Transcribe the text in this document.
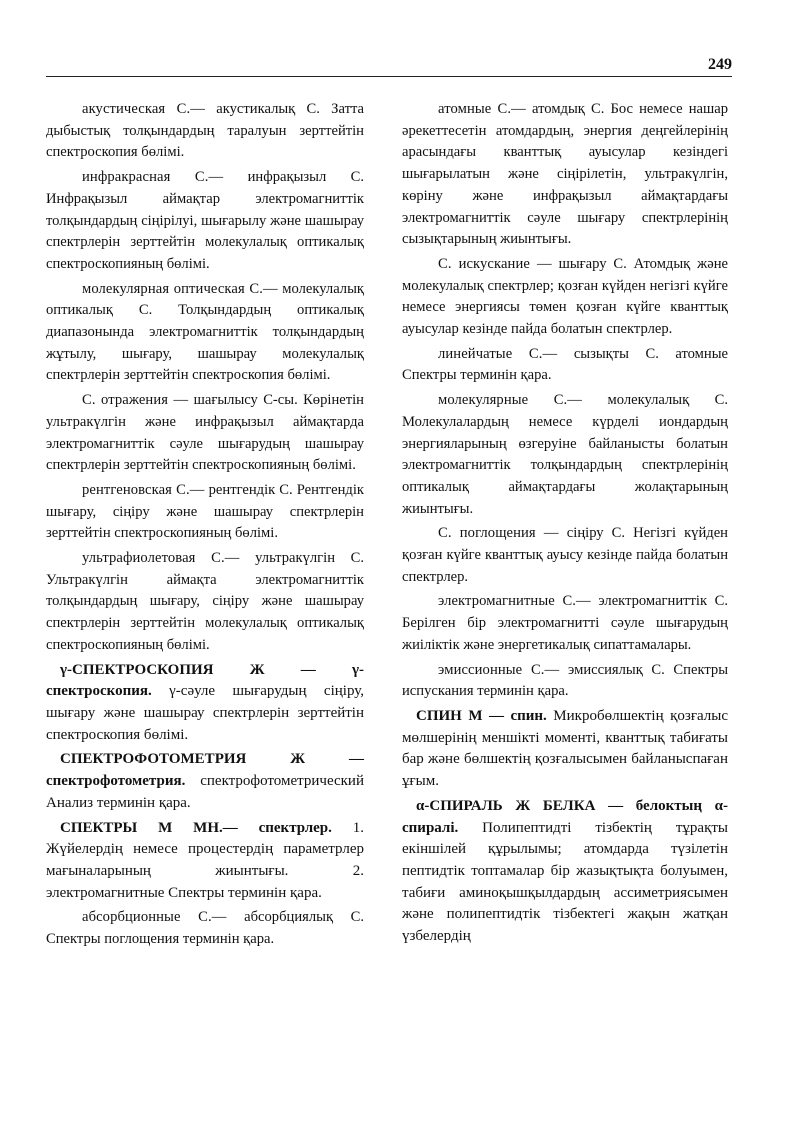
249

акустическая С.— акустикалық С. Затта дыбыстық толқындардың таралуын зерттейтін спектроскопия бөлімі.

инфракрасная С.— инфрақызыл С. Инфрақызыл аймақтар электромагниттік толқындардың сіңірілуі, шығарылу және шашырау спектрлерін зерттейтін молекулалық оптикалық спектроскопияның бөлімі.

молекулярная оптическая С.— молекулалық оптикалық С. Толқындардың оптикалық диапазонында электромагниттік толқындардың жұтылу, шығару, шашырау молекулалық спектрлерін зерттейтін спектроскопия бөлімі.

С. отражения — шағылысу С-сы. Көрінетін ультракүлгін және инфрақызыл аймақтарда электромагниттік сәуле шығарудың шашырау спектрлерін зерттейтін спектроскопияның бөлімі.

рентгеновская С.— рентгендік С. Рентгендік шығару, сіңіру және шашырау спектрлерін зерттейтін спектроскопияның бөлімі.

ультрафиолетовая С.— ультракүлгін С. Ультракүлгін аймақта электромагниттік толқындардың шығару, сіңіру және шашырау спектрлерін зерттейтін молекулалық оптикалық спектроскопияның бөлімі.

γ-СПЕКТРОСКОПИЯ Ж — γ-спектроскопия. γ-сәуле шығарудың сіңіру, шығару және шашырау спектрлерін зерттейтін спектроскопия бөлімі.

СПЕКТРОФОТОМЕТРИЯ Ж — спектрофотометрия. спектрофотометрический Анализ терминін қара.

СПЕКТРЫ М МН.— спектрлер. 1. Жүйелердің немесе процестердің параметрлер мағыналарының жиынтығы. 2. электромагнитные Спектры терминін қара.

абсорбционные С.— абсорбциялық С. Спектры поглощения терминін қара.

атомные С.— атомдық С. Бос немесе нашар әрекеттесетін атомдардың, энергия деңгейлерінің арасындағы кванттық ауысулар кезіндегі шығарылатын және сіңірілетін, ультракүлгін, көріну және инфрақызыл аймақтардағы электромагниттік сәуле шығару спектрлерінің сызықтарының жиынтығы.

С. искускание — шығару С. Атомдық және молекулалық спектрлер; қозған күйден негізгі күйге немесе энергиясы төмен қозған күйге кванттық ауысулар кезінде пайда болатын спектрлер.

линейчатые С.— сызықты С. атомные Спектры терминін қара.

молекулярные С.— молекулалық С. Молекулалардың немесе күрделі иондардың энергияларының өзгеруіне байланысты болатын электромагниттік толқындардың спектрлерінің оптикалық аймақтардағы жолақтарының жиынтығы.

С. поглощения — сіңіру С. Негізгі күйден қозған күйге кванттық ауысу кезінде пайда болатын спектрлер.

электромагнитные С.— электромагниттік С. Берілген бір электромагнитті сәуле шығарудың жиіліктік және энергетикалық сипаттамалары.

эмиссионные С.— эмиссиялық С. Спектры испускания терминін қара.

СПИН М — спин. Микробөлшектің қозғалыс мөлшерінің меншікті моменті, кванттық табиғаты бар және бөлшектің қозғалысымен байланыспаған ұғым.

α-СПИРАЛЬ Ж БЕЛКА — белоктың α-спиралі. Полипептидті тізбектің тұрақты екіншілей құрылымы; атомдарда түзілетін пептидтік топтамалар бір жазықтықта болуымен, табиғи аминоқышқылдардың ассиметриясымен және полипептидтік тізбектегі жақын жатқан үзбелердің
